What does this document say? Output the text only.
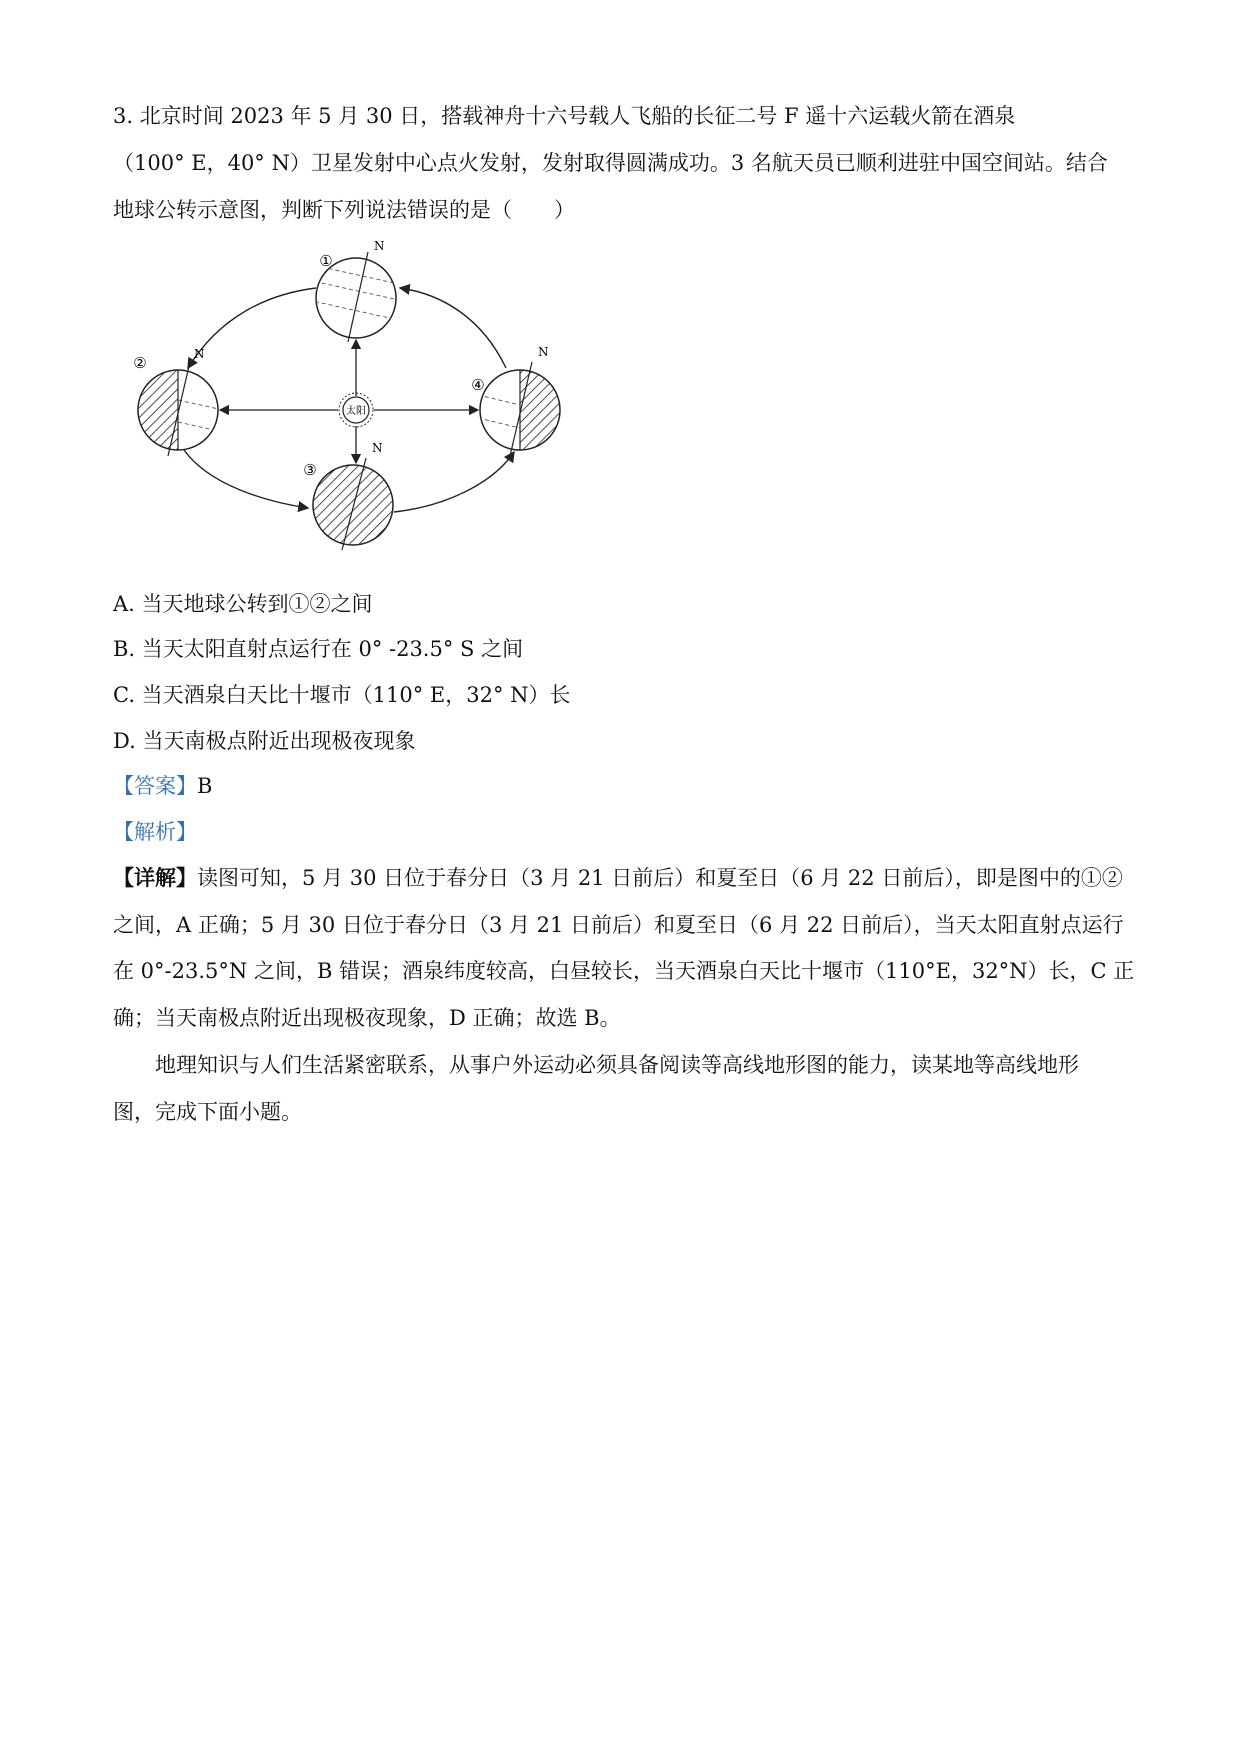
3. 北京时间 2023 年 5 月 30 日，搭载神舟十六号载人飞船的长征二号 F 遥十六运载火箭在酒泉
（100° E，40° N）卫星发射中心点火发射，发射取得圆满成功。3 名航天员已顺利进驻中国空间站。结合
地球公转示意图，判断下列说法错误的是（　　）
太阳
①
N
②	N
③
N
④
N
A. 当天地球公转到①②之间
B. 当天太阳直射点运行在 0° -23.5° S 之间
C. 当天酒泉白天比十堰市（110° E，32° N）长
D. 当天南极点附近出现极夜现象
【答案】B
【解析】
【详解】读图可知，5 月 30 日位于春分日（3 月 21 日前后）和夏至日（6 月 22 日前后），即是图中的①②
之间，A 正确；5 月 30 日位于春分日（3 月 21 日前后）和夏至日（6 月 22 日前后），当天太阳直射点运行
在 0°-23.5°N 之间，B 错误；酒泉纬度较高，白昼较长，当天酒泉白天比十堰市（110°E，32°N）长，C 正
确；当天南极点附近出现极夜现象，D 正确；故选 B。
地理知识与人们生活紧密联系，从事户外运动必须具备阅读等高线地形图的能力，读某地等高线地形
图，完成下面小题。
